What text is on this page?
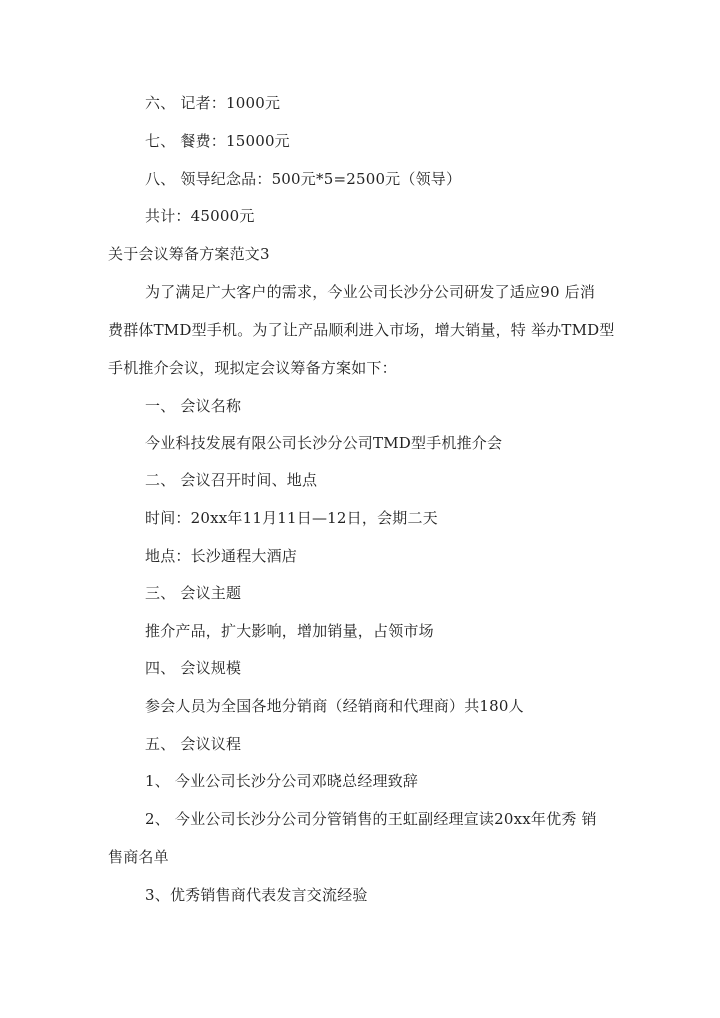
六、 记者：1000元
七、 餐费：15000元
八、 领导纪念品：500元*5=2500元（领导）
共计：45000元
关于会议筹备方案范文3
为了满足广大客户的需求，今业公司长沙分公司研发了适应90 后消
费群体TMD型手机。为了让产品顺利进入市场，增大销量，特 举办TMD型
手机推介会议，现拟定会议筹备方案如下：
一、 会议名称
今业科技发展有限公司长沙分公司TMD型手机推介会
二、 会议召开时间、地点
时间：20xx年11月11日—12日，会期二天
地点：长沙通程大酒店
三、 会议主题
推介产品，扩大影响，增加销量，占领市场
四、 会议规模
参会人员为全国各地分销商（经销商和代理商）共180人
五、 会议议程
1、 今业公司长沙分公司邓晓总经理致辞
2、 今业公司长沙分公司分管销售的王虹副经理宣读20xx年优秀 销
售商名单
3、优秀销售商代表发言交流经验
